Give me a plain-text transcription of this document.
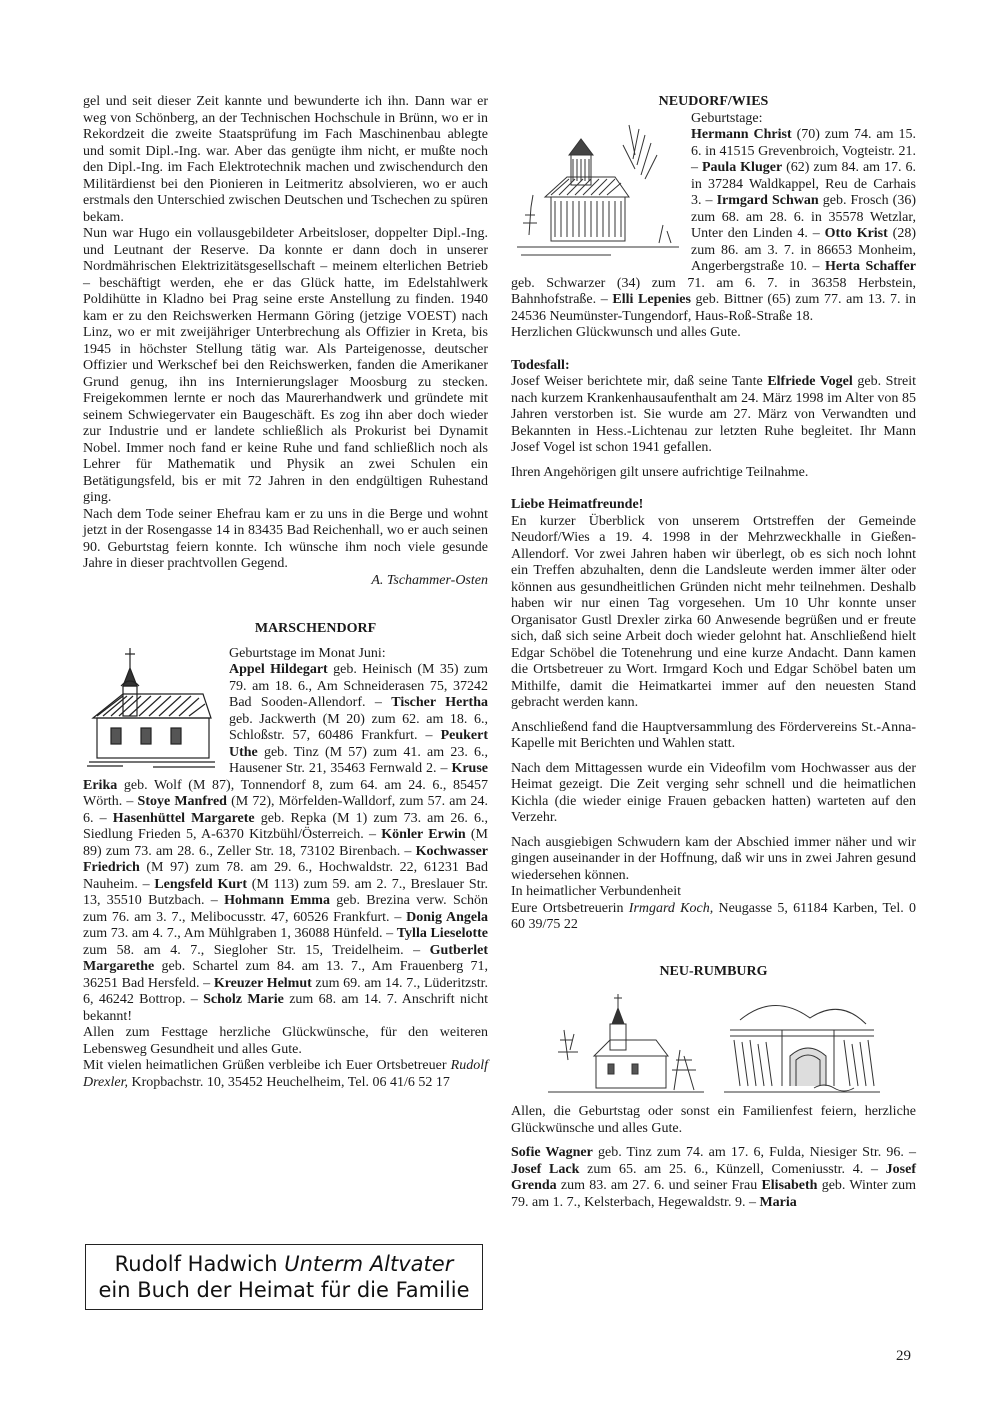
gel und seit dieser Zeit kannte und bewunderte ich ihn. Dann war er weg von Schönberg, an der Technischen Hochschule in Brünn, wo er in Rekordzeit die zweite Staatsprüfung im Fach Maschinenbau ablegte und somit Dipl.-Ing. war. Aber das genügte ihm nicht, er mußte noch den Dipl.-Ing. im Fach Elektrotechnik machen und zwischendurch den Militärdienst bei den Pionieren in Leitmeritz absolvieren, wo er auch erstmals den Unterschied zwischen Deutschen und Tschechen zu spüren bekam.

Nun war Hugo ein vollausgebildeter Arbeitsloser, doppelter Dipl.-Ing. und Leutnant der Reserve. Da konnte er dann doch in unserer Nordmährischen Elektrizitätsgesellschaft – meinem elterlichen Betrieb – beschäftigt werden, ehe er das Glück hatte, im Edelstahlwerk Poldihütte in Kladno bei Prag seine erste Anstellung zu finden. 1940 kam er zu den Reichswerken Hermann Göring (jetzige VOEST) nach Linz, wo er mit zweijähriger Unterbrechung als Offizier in Kreta, bis 1945 in höchster Stellung tätig war. Als Parteigenosse, deutscher Offizier und Werkschef bei den Reichswerken, fanden die Amerikaner Grund genug, ihn ins Internierungslager Moosburg zu stecken. Freigekommen lernte er noch das Maurerhandwerk und gründete mit seinem Schwiegervater ein Baugeschäft. Es zog ihn aber doch wieder zur Industrie und er landete schließlich als Prokurist bei Dynamit Nobel. Immer noch fand er keine Ruhe und fand schließlich noch als Lehrer für Mathematik und Physik an zwei Schulen ein Betätigungsfeld, bis er mit 72 Jahren in den endgültigen Ruhestand ging.

Nach dem Tode seiner Ehefrau kam er zu uns in die Berge und wohnt jetzt in der Rosengasse 14 in 83435 Bad Reichenhall, wo er auch seinen 90. Geburtstag feiern konnte. Ich wünsche ihm noch viele gesunde Jahre in dieser prachtvollen Gegend.

A. Tschammer-Osten

MARSCHENDORF

Geburtstage im Monat Juni:

Appel Hildegart geb. Heinisch (M 35) zum 79. am 18. 6., Am Schneiderasen 75, 37242 Bad Sooden-Allendorf. – Tischer Hertha geb. Jackwerth (M 20) zum 62. am 18. 6., Schloßstr. 57, 60486 Frankfurt. – Peukert Uthe geb. Tinz (M 57) zum 41. am 23. 6., Hausener Str. 21, 35463 Fernwald 2. – Kruse Erika geb. Wolf (M 87), Tonnendorf 8, zum 64. am 24. 6., 85457 Wörth. – Stoye Manfred (M 72), Mörfelden-Walldorf, zum 57. am 24. 6. – Hasenhüttel Margarete geb. Repka (M 1) zum 73. am 26. 6., Siedlung Frieden 5, A-6370 Kitzbühl/Österreich. – Könler Erwin (M 89) zum 73. am 28. 6., Zeller Str. 18, 73102 Birenbach. – Kochwasser Friedrich (M 97) zum 78. am 29. 6., Hochwaldstr. 22, 61231 Bad Nauheim. – Lengsfeld Kurt (M 113) zum 59. am 2. 7., Breslauer Str. 13, 35510 Butzbach. – Hohmann Emma geb. Brezina verw. Schön zum 76. am 3. 7., Melibocusstr. 47, 60526 Frankfurt. – Donig Angela zum 73. am 4. 7., Am Mühlgraben 1, 36088 Hünfeld. – Tylla Lieselotte zum 58. am 4. 7., Siegloher Str. 15, Treidelheim. – Gutberlet Margarethe geb. Schartel zum 84. am 13. 7., Am Frauenberg 71, 36251 Bad Hersfeld. – Kreuzer Helmut zum 69. am 14. 7., Lüderitzstr. 6, 46242 Bottrop. – Scholz Marie zum 68. am 14. 7. Anschrift nicht bekannt!

Allen zum Festtage herzliche Glückwünsche, für den weiteren Lebensweg Gesundheit und alles Gute.

Mit vielen heimatlichen Grüßen verbleibe ich Euer Ortsbetreuer Rudolf Drexler, Kropbachstr. 10, 35452 Heuchelheim, Tel. 06 41/6 52 17

Rudolf Hadwich Unterm Altvater
ein Buch der Heimat für die Familie

NEUDORF/WIES

Geburtstage:

Hermann Christ (70) zum 74. am 15. 6. in 41515 Grevenbroich, Vogteistr. 21. – Paula Kluger (62) zum 84. am 17. 6. in 37284 Waldkappel, Reu de Carhais 3. – Irmgard Schwan geb. Frosch (36) zum 68. am 28. 6. in 35578 Wetzlar, Unter den Linden 4. – Otto Krist (28) zum 86. am 3. 7. in 86653 Monheim, Angerbergstraße 10. – Herta Schaffer geb. Schwarzer (34) zum 71. am 6. 7. in 36358 Herbstein, Bahnhofstraße. – Elli Lepenies geb. Bittner (65) zum 77. am 13. 7. in 24536 Neumünster-Tungendorf, Haus-Roß-Straße 18.

Herzlichen Glückwunsch und alles Gute.

Todesfall:

Josef Weiser berichtete mir, daß seine Tante Elfriede Vogel geb. Streit nach kurzem Krankenhausaufenthalt am 24. März 1998 im Alter von 85 Jahren verstorben ist. Sie wurde am 27. März von Verwandten und Bekannten in Hess.-Lichtenau zur letzten Ruhe begleitet. Ihr Mann Josef Vogel ist schon 1941 gefallen.

Ihren Angehörigen gilt unsere aufrichtige Teilnahme.

Liebe Heimatfreunde!

En kurzer Überblick von unserem Ortstreffen der Gemeinde Neudorf/Wies a 19. 4. 1998 in der Mehrzweckhalle in Gießen-Allendorf. Vor zwei Jahren haben wir überlegt, ob es sich noch lohnt ein Treffen abzuhalten, denn die Landsleute werden immer älter oder können aus gesundheitlichen Gründen nicht mehr teilnehmen. Deshalb haben wir nur einen Tag vorgesehen. Um 10 Uhr konnte unser Organisator Gustl Drexler zirka 60 Anwesende begrüßen und er freute sich, daß sich seine Arbeit doch wieder gelohnt hat. Anschließend hielt Edgar Schöbel die Totenehrung und eine kurze Andacht. Dann kamen die Ortsbetreuer zu Wort. Irmgard Koch und Edgar Schöbel baten um Mithilfe, damit die Heimatkartei immer auf den neuesten Stand gebracht werden kann.

Anschließend fand die Hauptversammlung des Fördervereins St.-Anna-Kapelle mit Berichten und Wahlen statt.

Nach dem Mittagessen wurde ein Videofilm vom Hochwasser aus der Heimat gezeigt. Die Zeit verging sehr schnell und die heimatlichen Kichla (die wieder einige Frauen gebacken hatten) warteten auf den Verzehr.

Nach ausgiebigen Schwudern kam der Abschied immer näher und wir gingen auseinander in der Hoffnung, daß wir uns in zwei Jahren gesund wiedersehen können.

In heimatlicher Verbundenheit

Eure Ortsbetreuerin Irmgard Koch, Neugasse 5, 61184 Karben, Tel. 0 60 39/75 22

NEU-RUMBURG

Allen, die Geburtstag oder sonst ein Familienfest feiern, herzliche Glückwünsche und alles Gute.

Sofie Wagner geb. Tinz zum 74. am 17. 6, Fulda, Niesiger Str. 96. – Josef Lack zum 65. am 25. 6., Künzell, Comeniusstr. 4. – Josef Grenda zum 83. am 27. 6. und seiner Frau Elisabeth geb. Winter zum 79. am 1. 7., Kelsterbach, Hegewaldstr. 9. – Maria

29
